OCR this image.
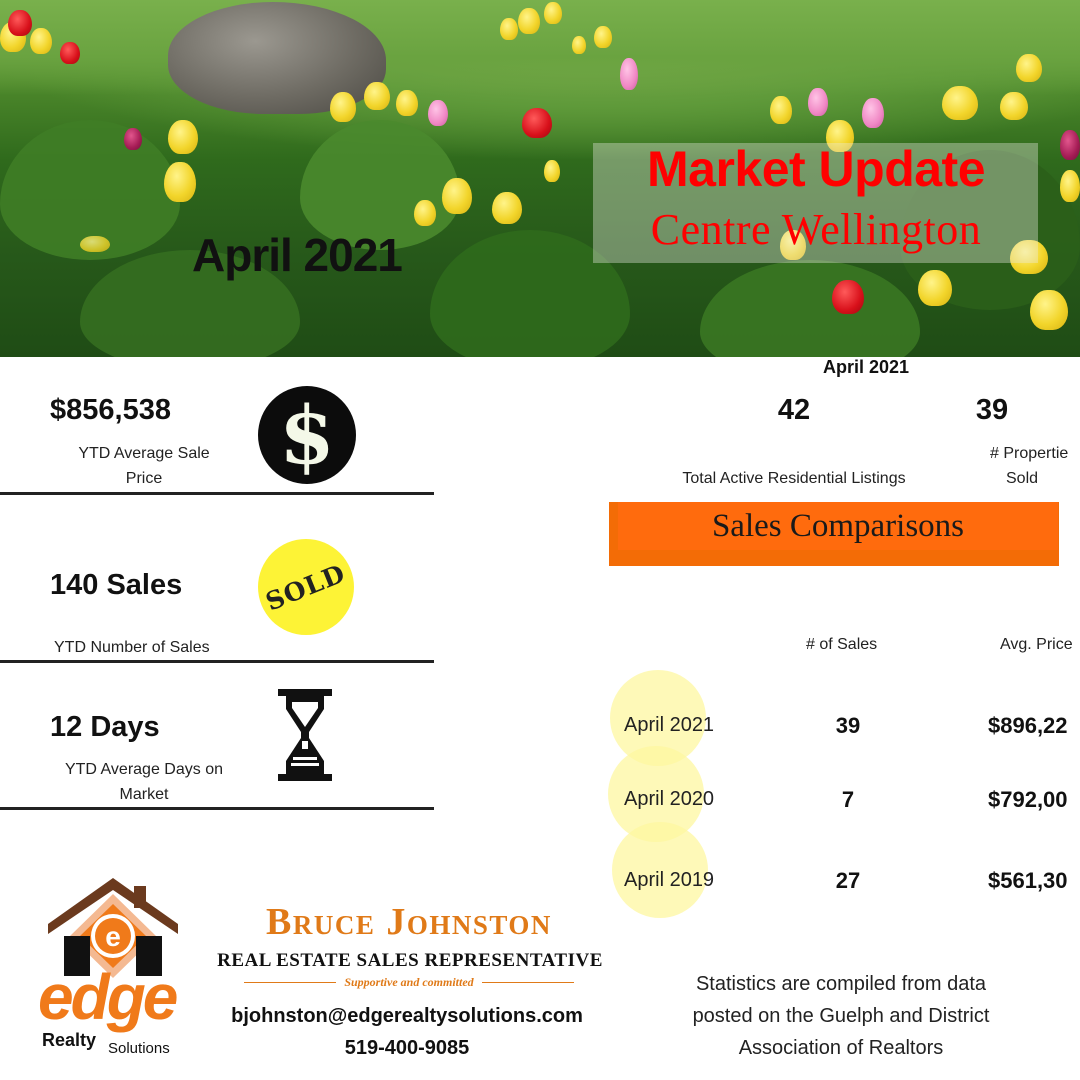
Market Update
Centre Wellington
April 2021
$856,538
YTD Average Sale
Price	$
140 Sales
YTD Number of Sales
SOLD
12 Days
YTD Average Days on
Market
April 2021
42
Total Active Residential Listings
39
# Propertie
Sold
Sales Comparisons
# of Sales	Avg. Price
April 2021	39	$896,22
April 2020	7	$792,00
April 2019	27	$561,30
e
edge
Realty Solutions
Bruce Johnston
REAL ESTATE SALES REPRESENTATIVE
Supportive and committed
bjohnston@edgerealtysolutions.com
519-400-9085
Statistics are compiled from data
posted on the Guelph and District
Association of Realtors
